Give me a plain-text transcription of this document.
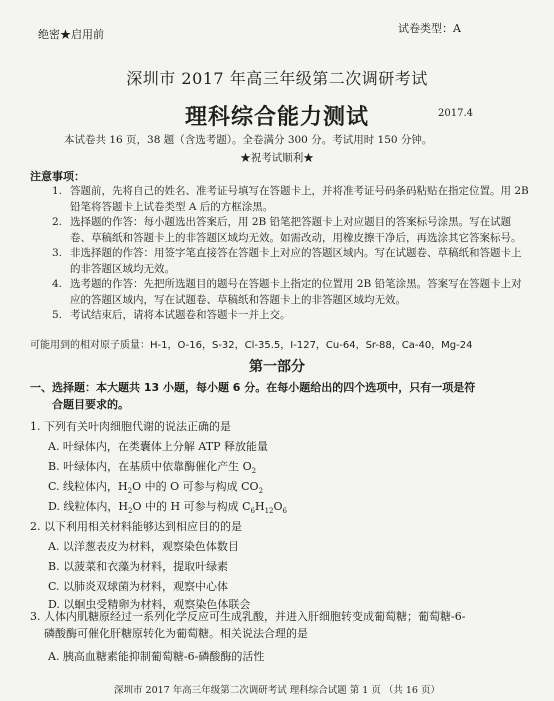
绝密★启用前	试卷类型：A
深圳市 2017 年高三年级第二次调研考试
理科综合能力测试	2017.4
本试卷共 16 页，38 题（含选考题）。全卷满分 300 分。考试用时 150 分钟。
★祝考试顺利★
注意事项：
1. 答题前，先将自己的姓名、准考证号填写在答题卡上，并将准考证号码条码粘贴在指定位置。用 2B 铅笔将答题卡上试卷类型 A 后的方框涂黑。
2. 选择题的作答：每小题选出答案后，用 2B 铅笔把答题卡上对应题目的答案标号涂黑。写在试题卷、草稿纸和答题卡上的非答题区域均无效。如需改动，用橡皮擦干净后，再选涂其它答案标号。
3. 非选择题的作答：用签字笔直接答在答题卡上对应的答题区域内。写在试题卷、草稿纸和答题卡上的非答题区域均无效。
4. 选考题的作答：先把所选题目的题号在答题卡上指定的位置用 2B 铅笔涂黑。答案写在答题卡上对应的答题区域内，写在试题卷、草稿纸和答题卡上的非答题区域均无效。
5. 考试结束后，请将本试题卷和答题卡一并上交。
可能用到的相对原子质量：H-1，O-16，S-32，Cl-35.5，I-127，Cu-64，Sr-88，Ca-40，Mg-24
第一部分
一、选择题：本大题共 13 小题，每小题 6 分。在每小题给出的四个选项中，只有一项是符
合题目要求的。
1. 下列有关叶肉细胞代谢的说法正确的是
A. 叶绿体内，在类囊体上分解 ATP 释放能量
B. 叶绿体内，在基质中依靠酶催化产生 $O_2$
C. 线粒体内，$H_2O$ 中的 O 可参与构成 $CO_2$
D. 线粒体内，$H_2O$ 中的 H 可参与构成 $C_6H_{12}O_6$
2. 以下利用相关材料能够达到相应目的的是
A. 以洋葱表皮为材料，观察染色体数目
B. 以菠菜和衣藻为材料，提取叶绿素
C. 以肺炎双球菌为材料，观察中心体
D. 以蛔虫受精卵为材料，观察染色体联会
3. 人体内肌糖原经过一系列化学反应可生成乳酸，并进入肝细胞转变成葡萄糖；葡萄糖-6-
磷酸酶可催化肝糖原转化为葡萄糖。相关说法合理的是
A. 胰高血糖素能抑制葡萄糖-6-磷酸酶的活性
深圳市 2017 年高三年级第二次调研考试 理科综合试题 第 1 页 （共 16 页）
